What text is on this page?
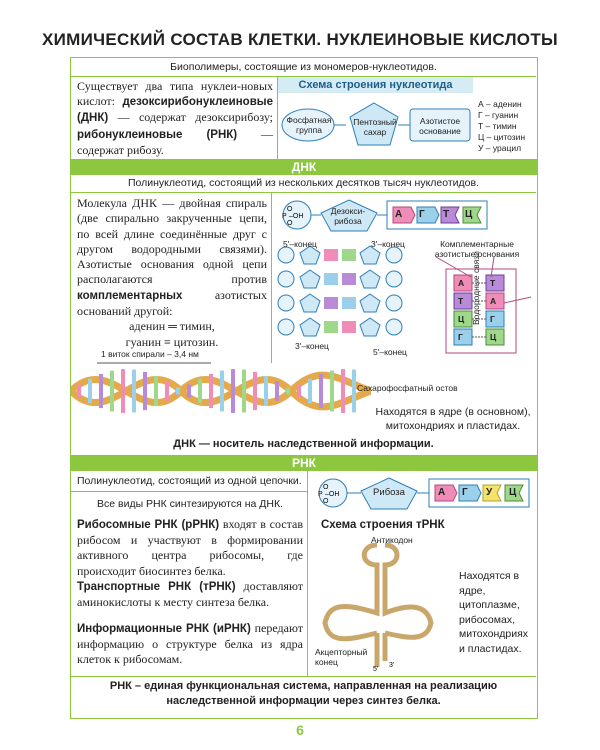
ХИМИЧЕСКИЙ СОСТАВ КЛЕТКИ. НУКЛЕИНОВЫЕ КИСЛОТЫ
Биополимеры, состоящие из мономеров-нуклеотидов.
Существует два типа нуклеи-новых кислот: дезоксирибонуклеиновые (ДНК) — содержат дезоксирибозу; рибонуклеиновые (РНК) — содержат рибозу.
Схема строения нуклеотида
Фосфатная группа
Пентозный сахар
Азотистое основание
А – аденин
Г – гуанин
Т – тимин
Ц – цитозин
У – урацил
ДНК
Полинуклеотид, состоящий из нескольких десятков тысяч нуклеотидов.
Молекула ДНК — двойная спираль (две спирально закрученные цепи, по всей длине соединённые друг с другом водородными связями). Азотистые основания одной цепи располагаются против комплементарных азотистых оснований другой:
аденин ═ тимин,
гуанин ≡ цитозин.
O
P –OH
O
Дезокси-рибоза
А Г Т Ц
5'–конец	3'–конец
3'–конец
5'–конец
Комплементарные азотистые основания
А	Т
Т	А
Ц	Г
Г	Ц
Водородные связи
1 виток спирали – 3,4 нм
Сахарофосфатный остов
Находятся в ядре (в основном), митохондриях и пластидах.
ДНК — носитель наследственной информации.
РНК
Полинуклеотид, состоящий из одной цепочки.
Все виды РНК синтезируются на ДНК.
Рибосомные РНК (рРНК) входят в состав рибосом и участвуют в формировании активного центра рибосомы, где происходит биосинтез белка.
Транспортные РНК (тРНК) доставляют аминокислоты к месту синтеза белка.
Информационные РНК (иРНК) передают информацию о структуре белка из ядра клеток к рибосомам.
O
P –OH
O
Рибоза	А Г У Ц
Схема строения тРНК
Антикодон
5'
3'
Акцепторный конец
Находятся в ядре, цитоплазме, рибосомах, митохондриях и пластидах.
РНК – единая функциональная система, направленная на реализацию наследственной информации через синтез белка.
6
